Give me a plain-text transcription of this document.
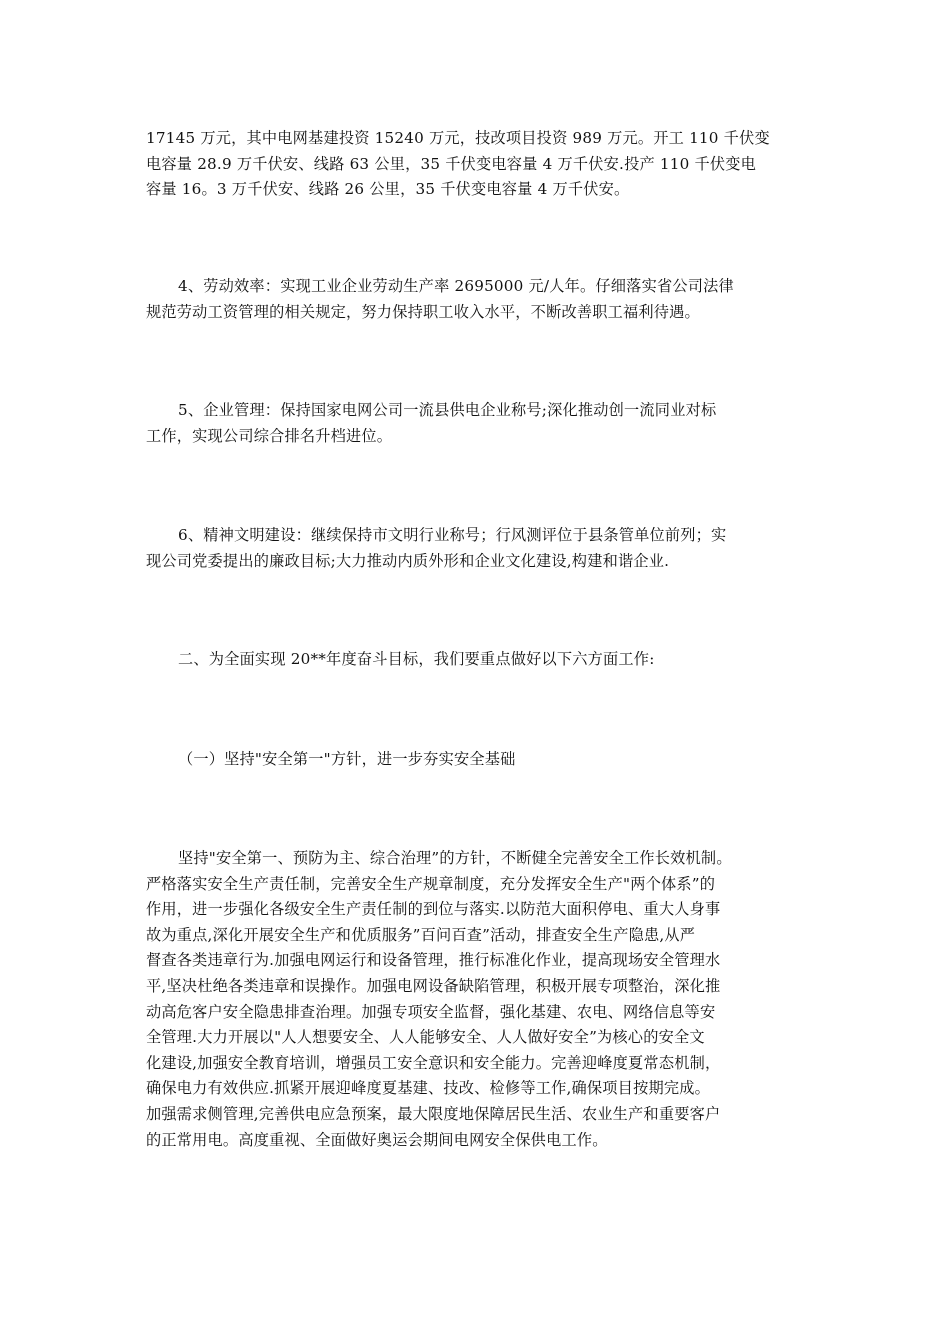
17145 万元，其中电网基建投资 15240 万元，技改项目投资 989 万元。开工 110 千伏变
电容量 28.9 万千伏安、线路 63 公里，35 千伏变电容量 4 万千伏安.投产 110 千伏变电
容量 16。3 万千伏安、线路 26 公里，35 千伏变电容量 4 万千伏安。
4、劳动效率：实现工业企业劳动生产率 2695000 元/人年。仔细落实省公司法律
规范劳动工资管理的相关规定，努力保持职工收入水平，不断改善职工福利待遇。
5、企业管理：保持国家电网公司一流县供电企业称号;深化推动创一流同业对标
工作，实现公司综合排名升档进位。
6、精神文明建设：继续保持市文明行业称号；行风测评位于县条管单位前列；实
现公司党委提出的廉政目标;大力推动内质外形和企业文化建设,构建和谐企业.
二、为全面实现 20**年度奋斗目标，我们要重点做好以下六方面工作:
（一）坚持"安全第一"方针，进一步夯实安全基础
坚持"安全第一、预防为主、综合治理”的方针，不断健全完善安全工作长效机制。
严格落实安全生产责任制，完善安全生产规章制度，充分发挥安全生产"两个体系”的
作用，进一步强化各级安全生产责任制的到位与落实.以防范大面积停电、重大人身事
故为重点,深化开展安全生产和优质服务”百问百查”活动，排查安全生产隐患,从严
督查各类违章行为.加强电网运行和设备管理，推行标准化作业，提高现场安全管理水
平,坚决杜绝各类违章和误操作。加强电网设备缺陷管理，积极开展专项整治，深化推
动高危客户安全隐患排查治理。加强专项安全监督，强化基建、农电、网络信息等安
全管理.大力开展以"人人想要安全、人人能够安全、人人做好安全”为核心的安全文
化建设,加强安全教育培训，增强员工安全意识和安全能力。完善迎峰度夏常态机制，
确保电力有效供应.抓紧开展迎峰度夏基建、技改、检修等工作,确保项目按期完成。
加强需求侧管理,完善供电应急预案，最大限度地保障居民生活、农业生产和重要客户
的正常用电。高度重视、全面做好奥运会期间电网安全保供电工作。
